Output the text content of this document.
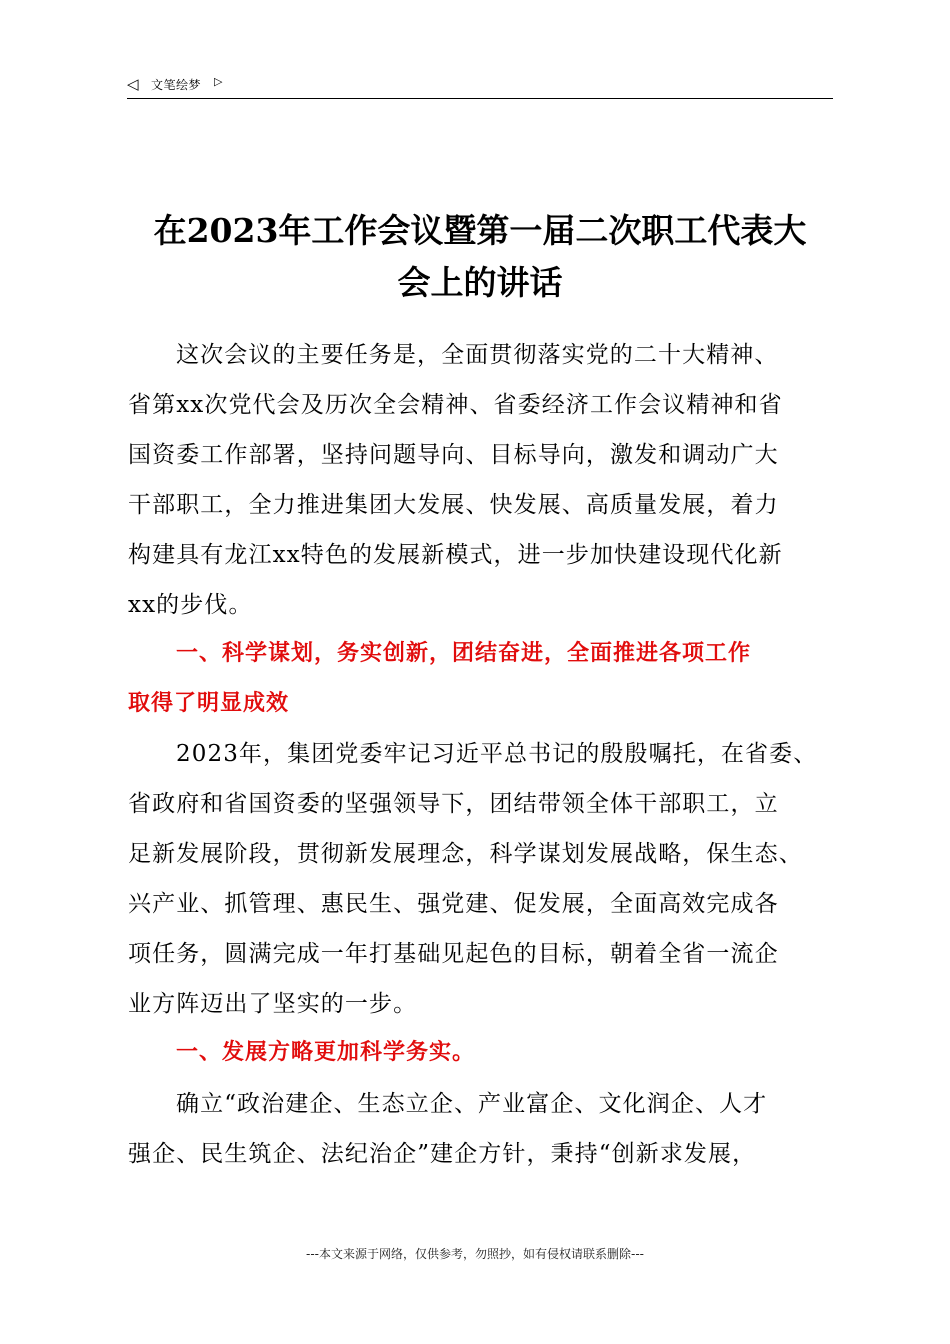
◁ 文笔绘梦 ▷
在2023年工作会议暨第一届二次职工代表大
会上的讲话
这次会议的主要任务是，全面贯彻落实党的二十大精神、
省第xx次党代会及历次全会精神、省委经济工作会议精神和省
国资委工作部署，坚持问题导向、目标导向，激发和调动广大
干部职工，全力推进集团大发展、快发展、高质量发展，着力
构建具有龙江xx特色的发展新模式，进一步加快建设现代化新
xx的步伐。
一、科学谋划，务实创新，团结奋进，全面推进各项工作
取得了明显成效
2023年，集团党委牢记习近平总书记的殷殷嘱托，在省委、
省政府和省国资委的坚强领导下，团结带领全体干部职工，立
足新发展阶段，贯彻新发展理念，科学谋划发展战略，保生态、
兴产业、抓管理、惠民生、强党建、促发展，全面高效完成各
项任务，圆满完成一年打基础见起色的目标，朝着全省一流企
业方阵迈出了坚实的一步。
一、发展方略更加科学务实。
确立“政治建企、生态立企、产业富企、文化润企、人才
强企、民生筑企、法纪治企”建企方针，秉持“创新求发展，
---本文来源于网络，仅供参考，勿照抄，如有侵权请联系删除---
